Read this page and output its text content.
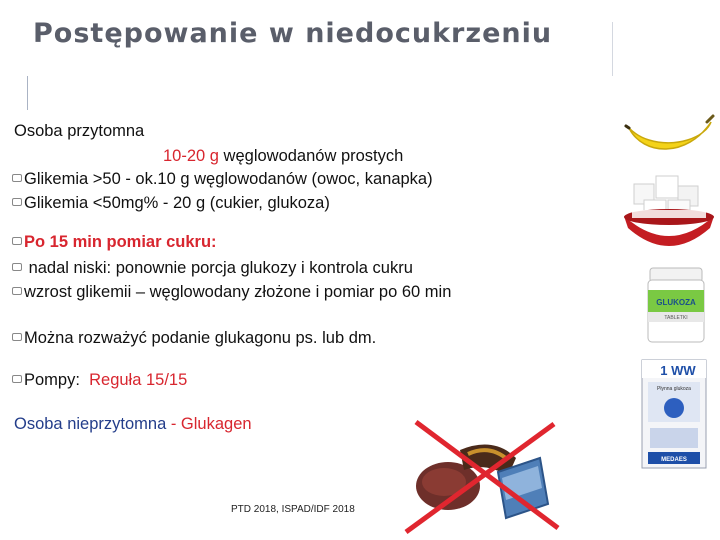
Postępowanie w niedocukrzeniu
Osoba przytomna
10-20 g węglowodanów prostych
Glikemia >50 - ok.10 g węglowodanów (owoc, kanapka)
Glikemia <50mg% - 20 g (cukier, glukoza)
Po 15 min pomiar cukru:
nadal niski: ponownie porcja glukozy i kontrola cukru
wzrost glikemii – węglowodany złożone i pomiar po 60 min
Można rozważyć podanie glukagonu ps. lub dm.
Pompy: Reguła 15/15
Osoba nieprzytomna - Glukagen
GLUKOZA
TABLETKI
1 WW
Płynna glukoza
MEDAES
PTD 2018, ISPAD/IDF 2018
